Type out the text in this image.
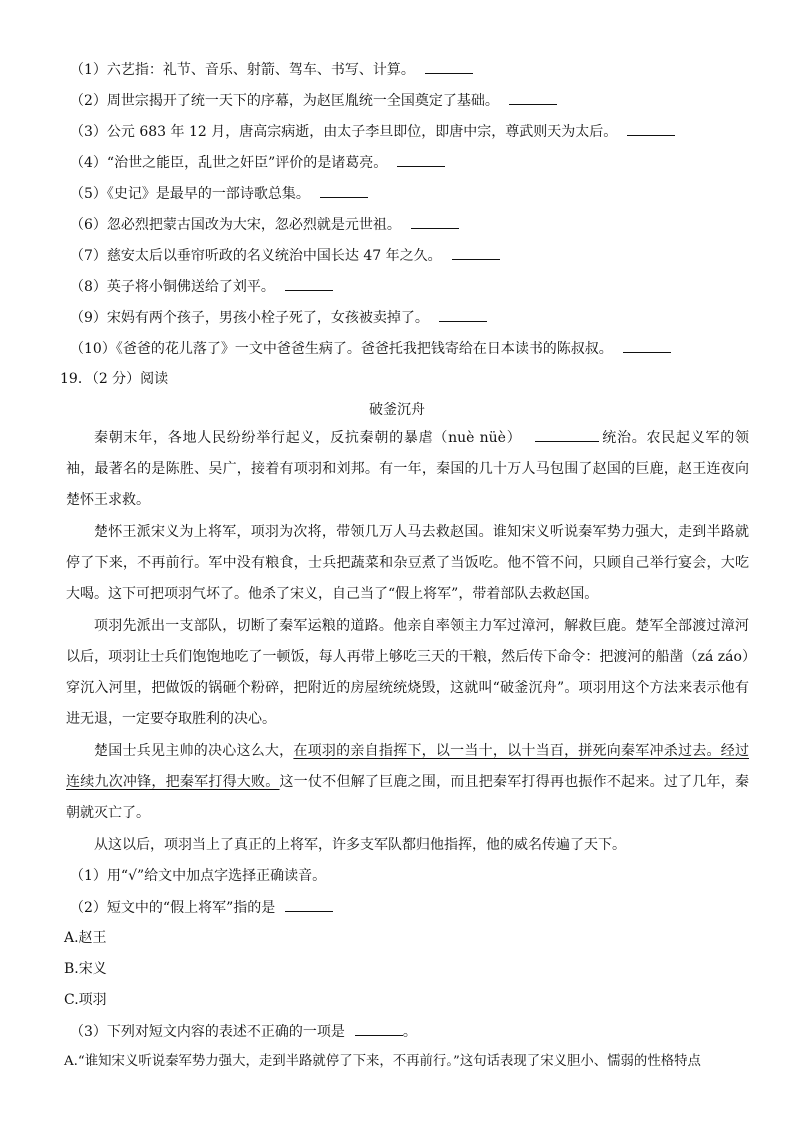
（1）六艺指：礼节、音乐、射箭、驾车、书写、计算。
（2）周世宗揭开了统一天下的序幕，为赵匡胤统一全国奠定了基础。
（3）公元 683 年 12 月，唐高宗病逝，由太子李旦即位，即唐中宗，尊武则天为太后。
（4）“治世之能臣，乱世之奸臣”评价的是诸葛亮。
（5）《史记》是最早的一部诗歌总集。
（6）忽必烈把蒙古国改为大宋，忽必烈就是元世祖。
（7）慈安太后以垂帘听政的名义统治中国长达 47 年之久。
（8）英子将小铜佛送给了刘平。
（9）宋妈有两个孩子，男孩小栓子死了，女孩被卖掉了。
（10）《爸爸的花儿落了》一文中爸爸生病了。爸爸托我把钱寄给在日本读书的陈叔叔。
19．（2 分）阅读
破釜沉舟
秦朝末年，各地人民纷纷举行起义，反抗秦朝的暴虐（nuè nüè）	统治。农民起义军的领袖，最著名的是陈胜、吴广，接着有项羽和刘邦。有一年，秦国的几十万人马包围了赵国的巨鹿，赵王连夜向楚怀王求救。
楚怀王派宋义为上将军，项羽为次将，带领几万人马去救赵国。谁知宋义听说秦军势力强大，走到半路就停了下来，不再前行。军中没有粮食，士兵把蔬菜和杂豆煮了当饭吃。他不管不问，只顾自己举行宴会，大吃大喝。这下可把项羽气坏了。他杀了宋义，自己当了“假上将军”，带着部队去救赵国。
项羽先派出一支部队，切断了秦军运粮的道路。他亲自率领主力军过漳河，解救巨鹿。楚军全部渡过漳河以后，项羽让士兵们饱饱地吃了一顿饭，每人再带上够吃三天的干粮，然后传下命令：把渡河的船凿（zá záo）穿沉入河里，把做饭的锅砸个粉碎，把附近的房屋统统烧毁，这就叫“破釜沉舟”。项羽用这个方法来表示他有进无退，一定要夺取胜利的决心。
楚国士兵见主帅的决心这么大，在项羽的亲自指挥下，以一当十，以十当百，拼死向秦军冲杀过去。经过连续九次冲锋，把秦军打得大败。这一仗不但解了巨鹿之围，而且把秦军打得再也振作不起来。过了几年，秦朝就灭亡了。
从这以后，项羽当上了真正的上将军，许多支军队都归他指挥，他的威名传遍了天下。
（1）用“√”给文中加点字选择正确读音。
（2）短文中的“假上将军”指的是
A.赵王
B.宋义
C.项羽
（3）下列对短文内容的表述不正确的一项是	。
A.“谁知宋义听说秦军势力强大，走到半路就停了下来，不再前行。”这句话表现了宋义胆小、懦弱的性格特点
